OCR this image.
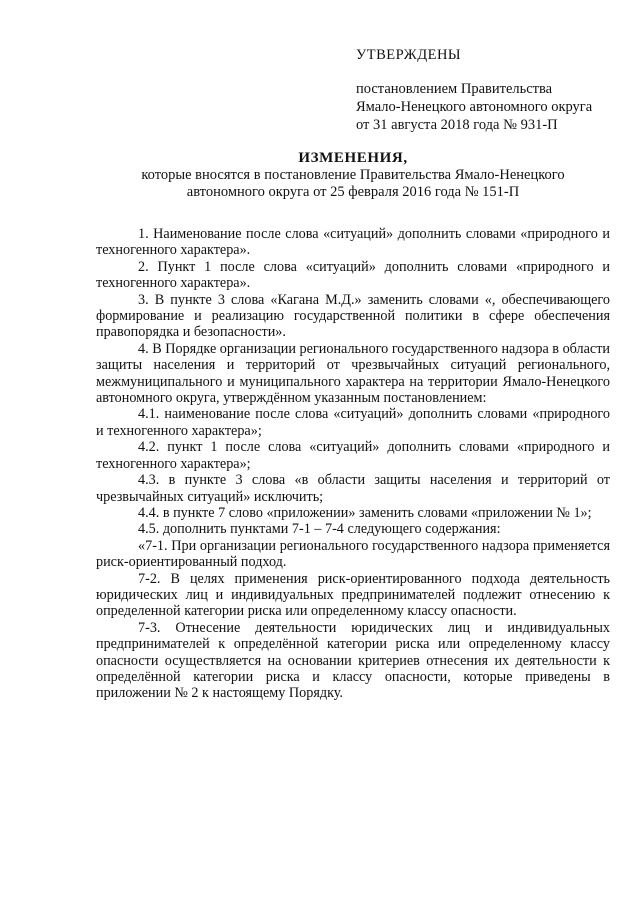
УТВЕРЖДЕНЫ

постановлением Правительства

Ямало-Ненецкого автономного округа

от 31 августа 2018 года № 931-П

ИЗМЕНЕНИЯ,

которые вносятся в постановление Правительства Ямало-Ненецкого

автономного округа от 25 февраля 2016 года № 151-П

1. Наименование после слова «ситуаций» дополнить словами «природного и техногенного характера».

2. Пункт 1 после слова «ситуаций» дополнить словами «природного и техногенного характера».

3. В пункте 3 слова «Кагана М.Д.» заменить словами «, обеспечивающего формирование и реализацию государственной политики в сфере обеспечения правопорядка и безопасности».

4. В Порядке организации регионального государственного надзора в области защиты населения и территорий от чрезвычайных ситуаций регионального, межмуниципального и муниципального характера на территории Ямало-Ненецкого автономного округа, утверждённом указанным постановлением:

4.1. наименование после слова «ситуаций» дополнить словами «природного и техногенного характера»;

4.2. пункт 1 после слова «ситуаций» дополнить словами «природного и техногенного характера»;

4.3. в пункте 3 слова «в области защиты населения и территорий от чрезвычайных ситуаций» исключить;

4.4. в пункте 7 слово «приложении» заменить словами «приложении № 1»;

4.5. дополнить пунктами 7-1 – 7-4 следующего содержания:

«7-1. При организации регионального государственного надзора применяется риск-ориентированный подход.

7-2. В целях применения риск-ориентированного подхода деятельность юридических лиц и индивидуальных предпринимателей подлежит отнесению к определенной категории риска или определенному классу опасности.

7-3. Отнесение деятельности юридических лиц и индивидуальных предпринимателей к определённой категории риска или определенному классу опасности осуществляется на основании критериев отнесения их деятельности к определённой категории риска и классу опасности, которые приведены в приложении № 2 к настоящему Порядку.
